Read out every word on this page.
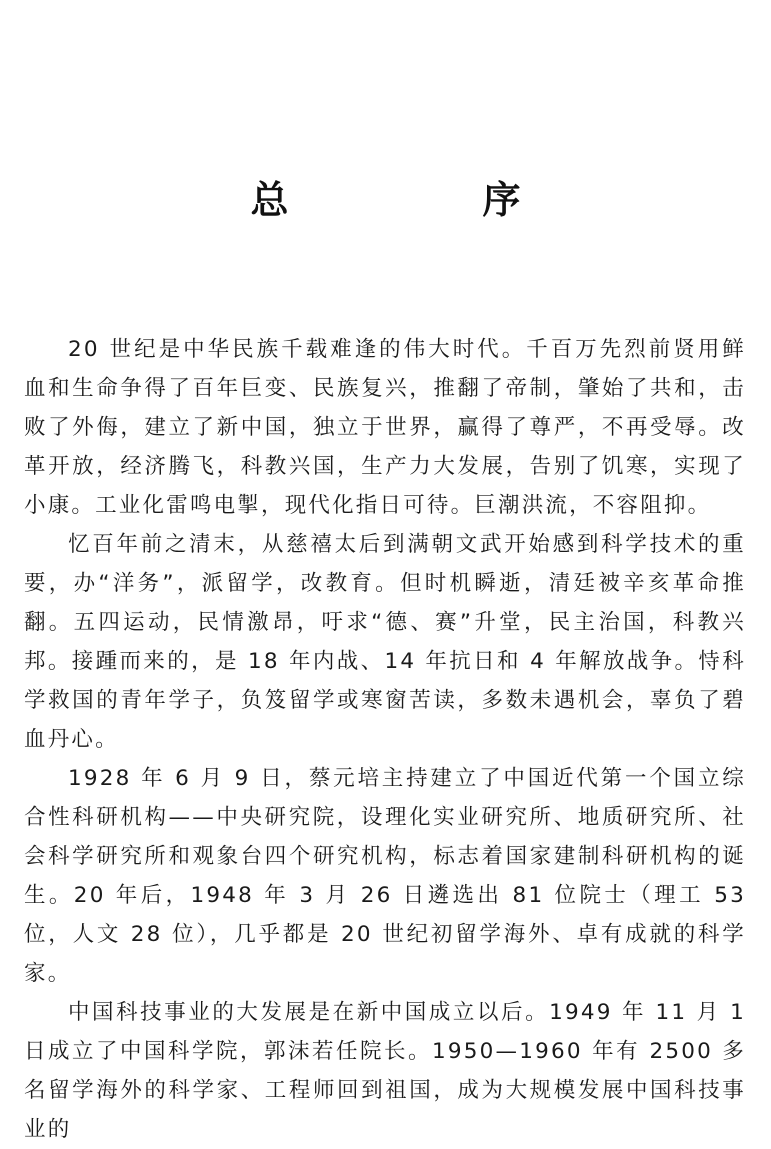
总　序

20 世纪是中华民族千载难逢的伟大时代。千百万先烈前贤用鲜血和生命争得了百年巨变、民族复兴，推翻了帝制，肇始了共和，击败了外侮，建立了新中国，独立于世界，赢得了尊严，不再受辱。改革开放，经济腾飞，科教兴国，生产力大发展，告别了饥寒，实现了小康。工业化雷鸣电掣，现代化指日可待。巨潮洪流，不容阻抑。

忆百年前之清末，从慈禧太后到满朝文武开始感到科学技术的重要，办“洋务”，派留学，改教育。但时机瞬逝，清廷被辛亥革命推翻。五四运动，民情激昂，吁求“德、赛”升堂，民主治国，科教兴邦。接踵而来的，是 18 年内战、14 年抗日和 4 年解放战争。恃科学救国的青年学子，负笈留学或寒窗苦读，多数未遇机会，辜负了碧血丹心。

1928 年 6 月 9 日，蔡元培主持建立了中国近代第一个国立综合性科研机构——中央研究院，设理化实业研究所、地质研究所、社会科学研究所和观象台四个研究机构，标志着国家建制科研机构的诞生。20 年后，1948 年 3 月 26 日遴选出 81 位院士（理工 53 位，人文 28 位），几乎都是 20 世纪初留学海外、卓有成就的科学家。

中国科技事业的大发展是在新中国成立以后。1949 年 11 月 1 日成立了中国科学院，郭沫若任院长。1950—1960 年有 2500 多名留学海外的科学家、工程师回到祖国，成为大规模发展中国科技事业的
